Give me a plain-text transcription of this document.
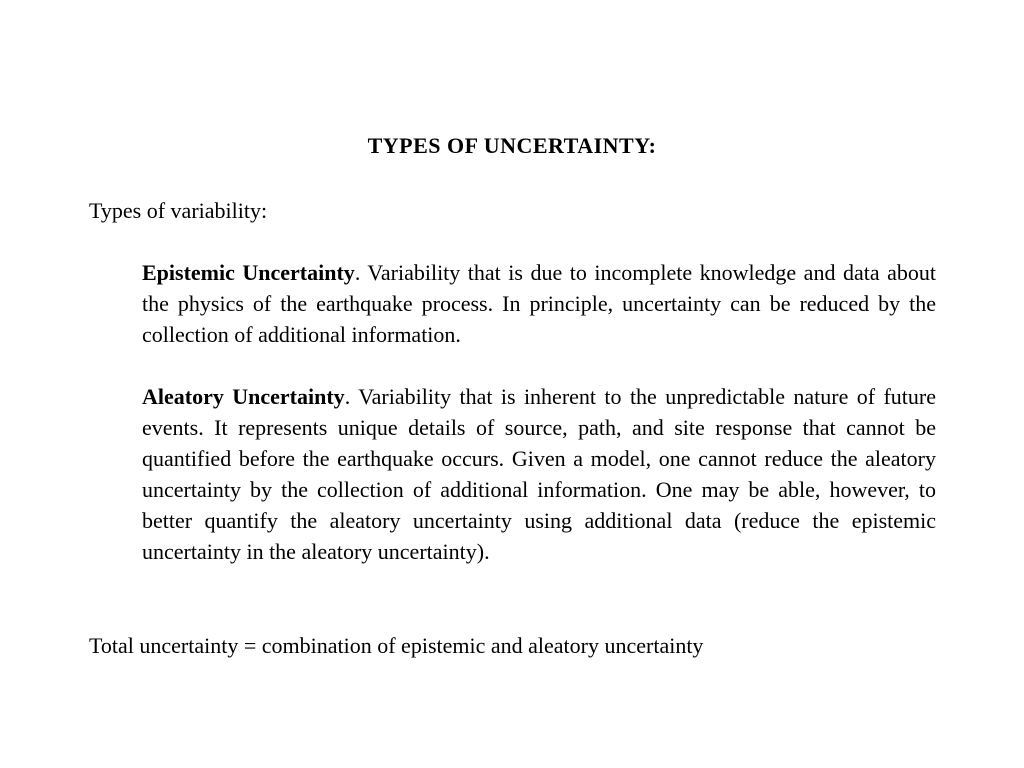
TYPES OF UNCERTAINTY:
Types of variability:
Epistemic Uncertainty. Variability that is due to incomplete knowledge and data about the physics of the earthquake process. In principle, uncertainty can be reduced by the collection of additional information.
Aleatory Uncertainty. Variability that is inherent to the unpredictable nature of future events. It represents unique details of source, path, and site response that cannot be quantified before the earthquake occurs. Given a model, one cannot reduce the aleatory uncertainty by the collection of additional information. One may be able, however, to better quantify the aleatory uncertainty using additional data (reduce the epistemic uncertainty in the aleatory uncertainty).
Total uncertainty = combination of epistemic and aleatory uncertainty
